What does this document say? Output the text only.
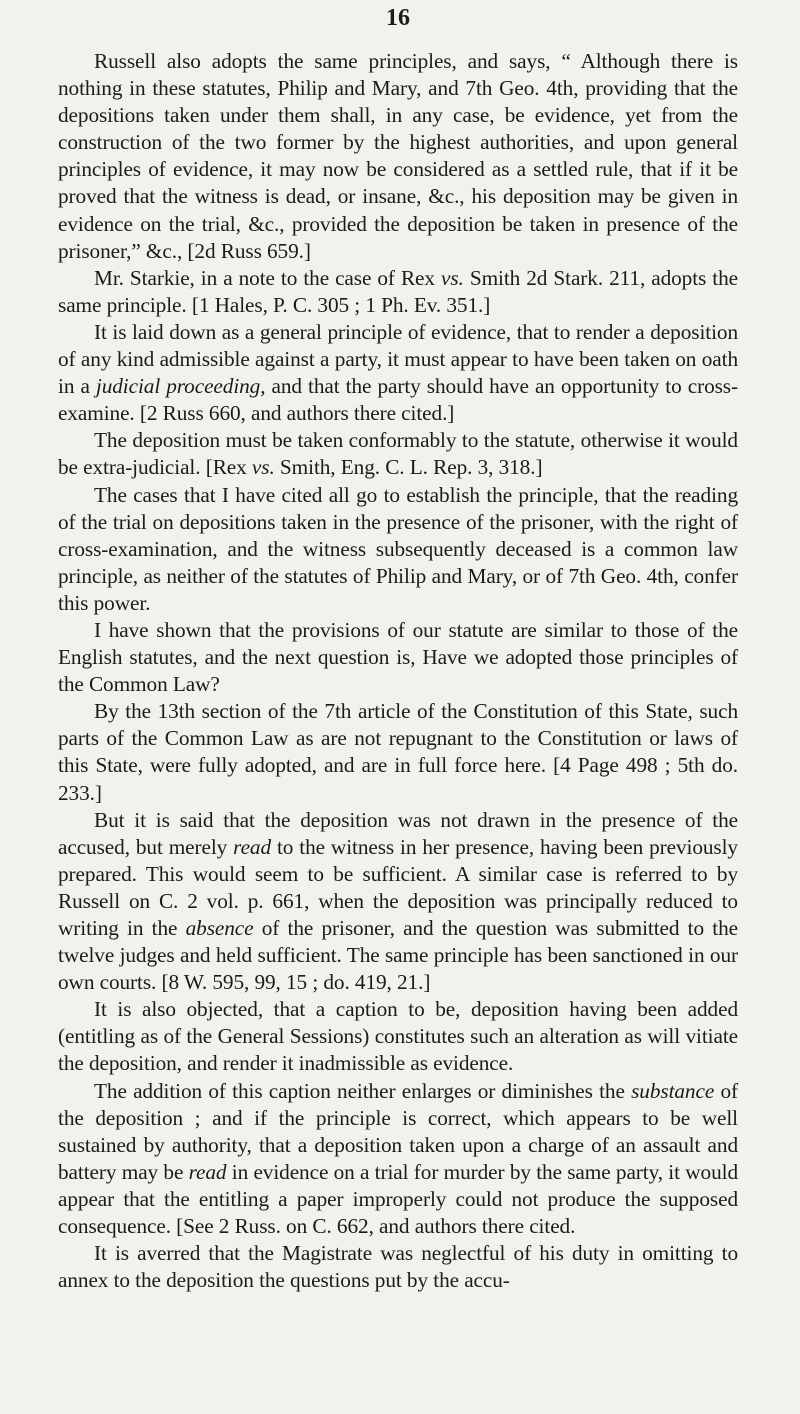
16

Russell also adopts the same principles, and says, “ Although there is nothing in these statutes, Philip and Mary, and 7th Geo. 4th, providing that the depositions taken under them shall, in any case, be evidence, yet from the construction of the two former by the highest authorities, and upon general principles of evidence, it may now be considered as a settled rule, that if it be proved that the witness is dead, or insane, &c., his deposition may be given in evidence on the trial, &c., provided the deposition be taken in presence of the prisoner,” &c., [2d Russ 659.]

Mr. Starkie, in a note to the case of Rex vs. Smith 2d Stark. 211, adopts the same principle. [1 Hales, P. C. 305 ; 1 Ph. Ev. 351.]

It is laid down as a general principle of evidence, that to render a deposition of any kind admissible against a party, it must appear to have been taken on oath in a judicial proceeding, and that the party should have an opportunity to cross-examine. [2 Russ 660, and authors there cited.]

The deposition must be taken conformably to the statute, otherwise it would be extra-judicial. [Rex vs. Smith, Eng. C. L. Rep. 3, 318.]

The cases that I have cited all go to establish the principle, that the reading of the trial on depositions taken in the presence of the prisoner, with the right of cross-examination, and the witness subsequently deceased is a common law principle, as neither of the statutes of Philip and Mary, or of 7th Geo. 4th, confer this power.

I have shown that the provisions of our statute are similar to those of the English statutes, and the next question is, Have we adopted those principles of the Common Law?

By the 13th section of the 7th article of the Constitution of this State, such parts of the Common Law as are not repugnant to the Constitution or laws of this State, were fully adopted, and are in full force here. [4 Page 498 ; 5th do. 233.]

But it is said that the deposition was not drawn in the presence of the accused, but merely read to the witness in her presence, having been previously prepared. This would seem to be sufficient. A similar case is referred to by Russell on C. 2 vol. p. 661, when the deposition was principally reduced to writing in the absence of the prisoner, and the question was submitted to the twelve judges and held sufficient. The same principle has been sanctioned in our own courts. [8 W. 595, 99, 15 ; do. 419, 21.]

It is also objected, that a caption to be, deposition having been added (entitling as of the General Sessions) constitutes such an alteration as will vitiate the deposition, and render it inadmissible as evidence.

The addition of this caption neither enlarges or diminishes the substance of the deposition ; and if the principle is correct, which appears to be well sustained by authority, that a deposition taken upon a charge of an assault and battery may be read in evidence on a trial for murder by the same party, it would appear that the entitling a paper improperly could not produce the supposed consequence. [See 2 Russ. on C. 662, and authors there cited.

It is averred that the Magistrate was neglectful of his duty in omitting to annex to the deposition the questions put by the accu-
